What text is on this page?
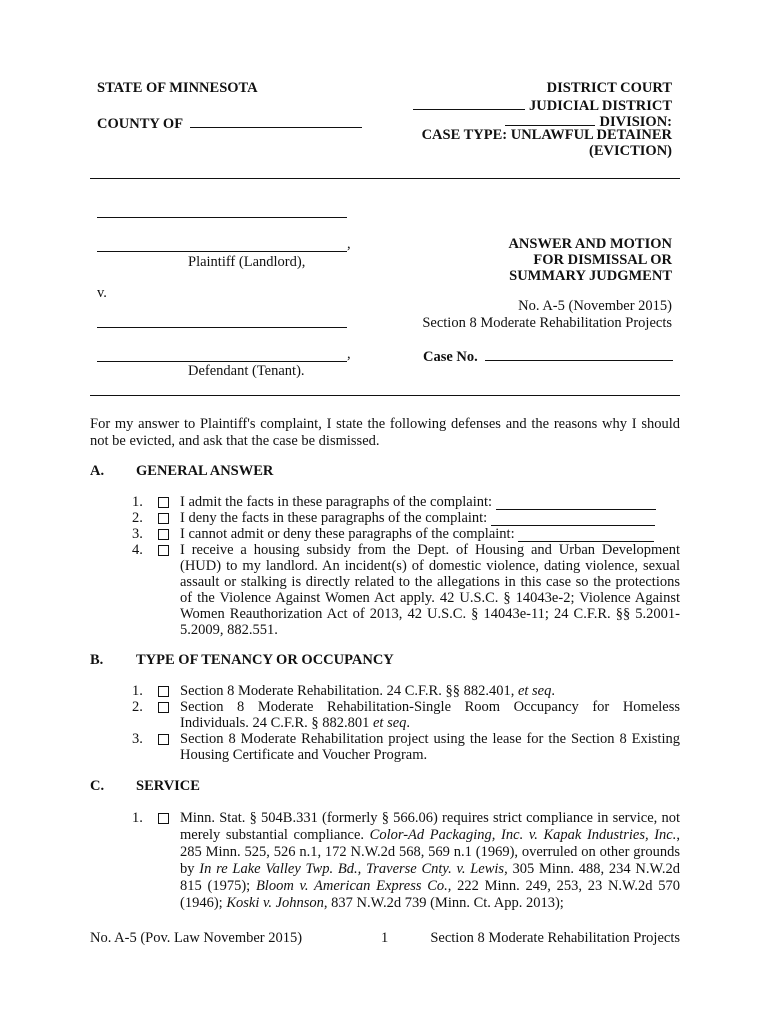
STATE OF MINNESOTA
COUNTY OF
DISTRICT COURT
JUDICIAL DISTRICT
DIVISION:
CASE TYPE: UNLAWFUL DETAINER
(EVICTION)
,
Plaintiff (Landlord),
v.
,
Defendant (Tenant).
ANSWER AND MOTION
FOR DISMISSAL OR
SUMMARY JUDGMENT
No. A-5 (November 2015)
Section 8 Moderate Rehabilitation Projects
Case No.
For my answer to Plaintiff's complaint, I state the following defenses and the reasons why I should not be evicted, and ask that the case be dismissed.
A. GENERAL ANSWER
1.	I admit the facts in these paragraphs of the complaint:
2.	I deny the facts in these paragraphs of the complaint:
3.	I cannot admit or deny these paragraphs of the complaint:
4.	I receive a housing subsidy from the Dept. of Housing and Urban Development (HUD) to my landlord. An incident(s) of domestic violence, dating violence, sexual assault or stalking is directly related to the allegations in this case so the protections of the Violence Against Women Act apply. 42 U.S.C. § 14043e-2; Violence Against Women Reauthorization Act of 2013, 42 U.S.C. § 14043e-11; 24 C.F.R. §§ 5.2001-5.2009, 882.551.
B. TYPE OF TENANCY OR OCCUPANCY
1.	Section 8 Moderate Rehabilitation. 24 C.F.R. §§ 882.401, et seq.
2.	Section 8 Moderate Rehabilitation-Single Room Occupancy for Homeless Individuals. 24 C.F.R. § 882.801 et seq.
3.	Section 8 Moderate Rehabilitation project using the lease for the Section 8 Existing Housing Certificate and Voucher Program.
C. SERVICE
1.	Minn. Stat. § 504B.331 (formerly § 566.06) requires strict compliance in service, not merely substantial compliance. Color-Ad Packaging, Inc. v. Kapak Industries, Inc., 285 Minn. 525, 526 n.1, 172 N.W.2d 568, 569 n.1 (1969), overruled on other grounds by In re Lake Valley Twp. Bd., Traverse Cnty. v. Lewis, 305 Minn. 488, 234 N.W.2d 815 (1975); Bloom v. American Express Co., 222 Minn. 249, 253, 23 N.W.2d 570 (1946); Koski v. Johnson, 837 N.W.2d 739 (Minn. Ct. App. 2013);
No. A-5 (Pov. Law November 2015)	1	Section 8 Moderate Rehabilitation Projects
